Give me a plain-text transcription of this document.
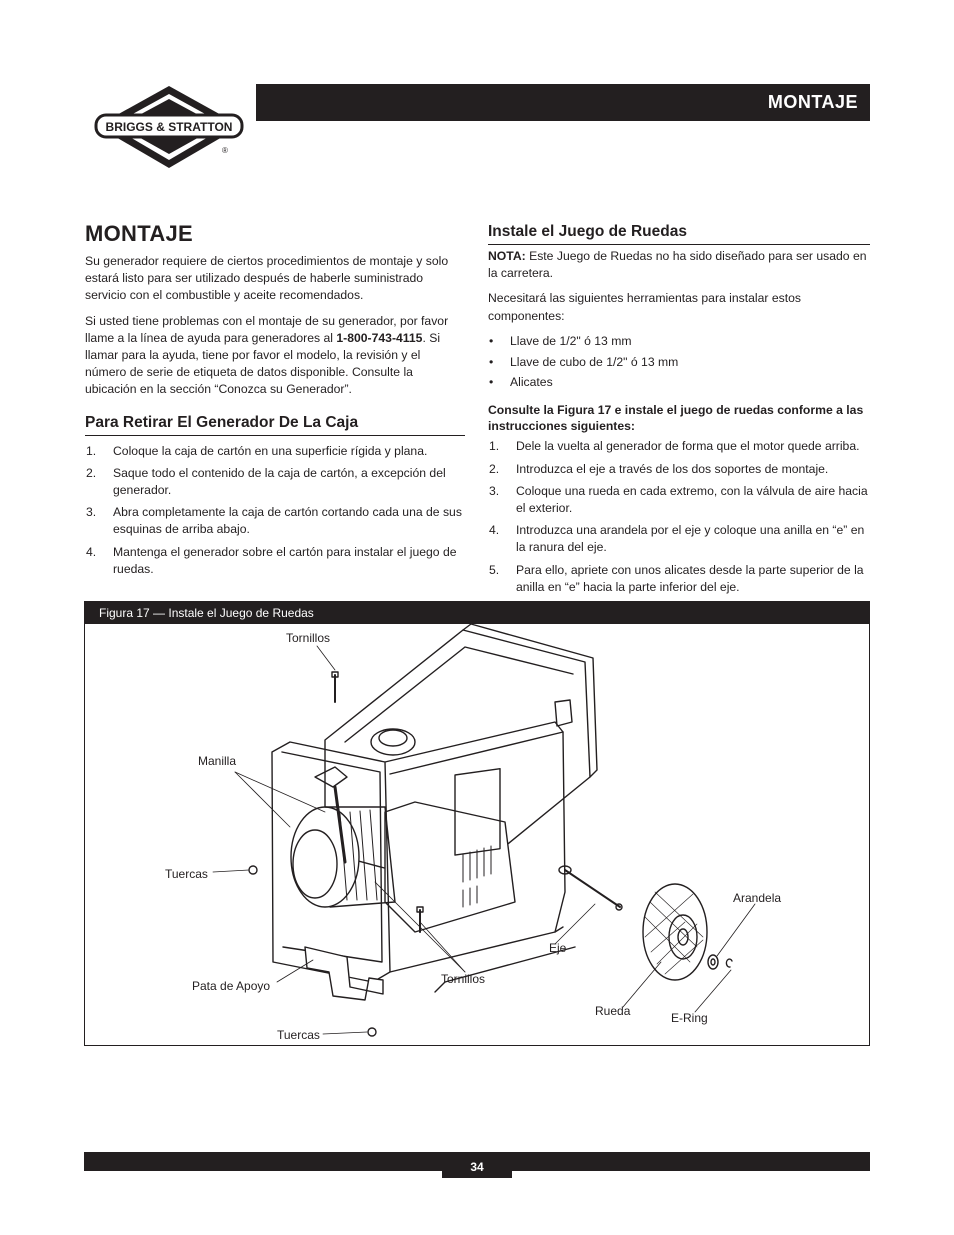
BRIGGS & STRATTON
®
MONTAJE
MONTAJE

Su generador requiere de ciertos procedimientos de montaje y solo estará listo para ser utilizado después de haberle suministrado servicio con el combustible y aceite recomendados.

Si usted tiene problemas con el montaje de su generador, por favor llame a la línea de ayuda para generadores al 1-800-743-4115. Si llamar para la ayuda, tiene por favor el modelo, la revisión y el número de serie de etiqueta de datos disponible. Consulte la ubicación en la sección “Conozca su Generador”.

Para Retirar El Generador De La Caja
1. Coloque la caja de cartón en una superficie rígida y plana.
2. Saque todo el contenido de la caja de cartón, a excepción del generador.
3. Abra completamente la caja de cartón cortando cada una de sus esquinas de arriba abajo.
4. Mantenga el generador sobre el cartón para instalar el juego de ruedas.
Instale el Juego de Ruedas

NOTA: Este Juego de Ruedas no ha sido diseñado para ser usado en la carretera.

Necesitará las siguientes herramientas para instalar estos componentes:

• Llave de 1/2" ó 13 mm
• Llave de cubo de 1/2" ó 13 mm
• Alicates

Consulte la Figura 17 e instale el juego de ruedas conforme a las instrucciones siguientes:

1. Dele la vuelta al generador de forma que el motor quede arriba.
2. Introduzca el eje a través de los dos soportes de montaje.
3. Coloque una rueda en cada extremo, con la válvula de aire hacia el exterior.
4. Introduzca una arandela por el eje y coloque una anilla en “e” en la ranura del eje.
5. Para ello, apriete con unos alicates desde la parte superior de la anilla en “e” hacia la parte inferior del eje.
Figura 17 — Instale el Juego de Ruedas
Tornillos
Manilla
Tuercas
Pata de Apoyo
Tuercas
Tornillos
Eje
Rueda
Arandela
E-Ring
34
